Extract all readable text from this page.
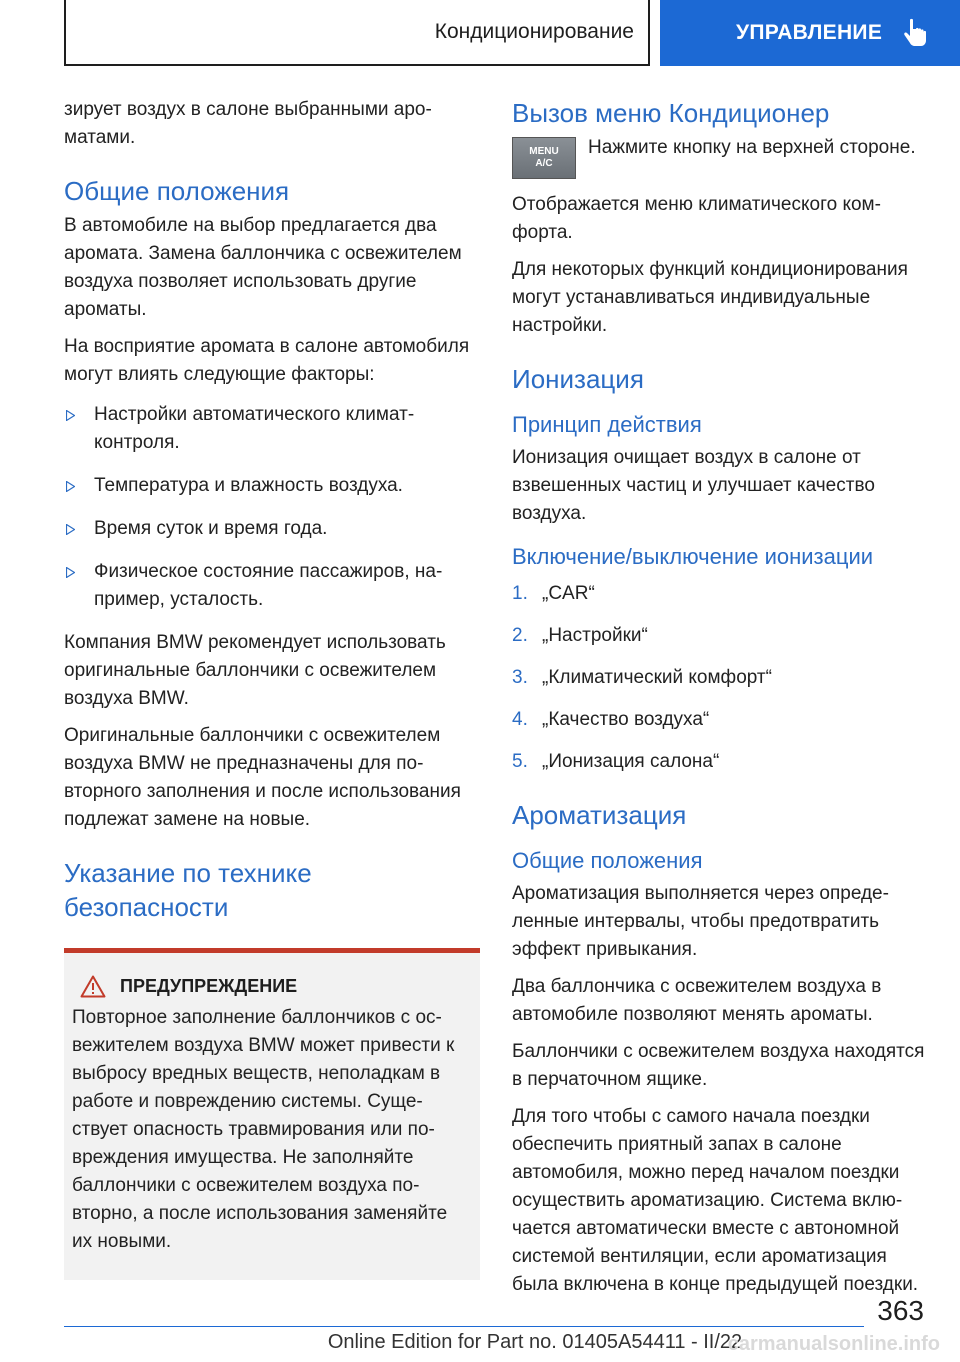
Кондиционирование	УПРАВЛЕНИЕ

зирует воздух в салоне выбранными ароматами.

Общие положения

В автомобиле на выбор предлагается два аромата. Замена баллончика с освежителем воздуха позволяет использовать другие ароматы.

На восприятие аромата в салоне автомобиля могут влиять следующие факторы:

Настройки автоматического климат-контроля.
Температура и влажность воздуха.
Время суток и время года.
Физическое состояние пассажиров, например, усталость.

Компания BMW рекомендует использовать оригинальные баллончики с освежителем воздуха BMW.

Оригинальные баллончики с освежителем воздуха BMW не предназначены для повторного заполнения и после использования подлежат замене на новые.

Указание по технике безопасности
ПРЕДУПРЕЖДЕНИЕ

Повторное заполнение баллончиков с освежителем воздуха BMW может привести к выбросу вредных веществ, неполадкам в работе и повреждению системы. Существует опасность травмирования или повреждения имущества. Не заполняйте баллончики с освежителем воздуха повторно, а после использования заменяйте их новыми.

Вызов меню Кондиционер
MENU
A/C

Нажмите кнопку на верхней стороне.

Отображается меню климатического комфорта.

Для некоторых функций кондиционирования могут устанавливаться индивидуальные настройки.

Ионизация
Принцип действия

Ионизация очищает воздух в салоне от взвешенных частиц и улучшает качество воздуха.

Включение/выключение ионизации
1. „CAR“
2. „Настройки“
3. „Климатический комфорт“
4. „Качество воздуха“
5. „Ионизация салона“
Ароматизация
Общие положения

Ароматизация выполняется через определенные интервалы, чтобы предотвратить эффект привыкания.

Два баллончика с освежителем воздуха в автомобиле позволяют менять ароматы.

Баллончики с освежителем воздуха находятся в перчаточном ящике.

Для того чтобы с самого начала поездки обеспечить приятный запах в салоне автомобиля, можно перед началом поездки осуществить ароматизацию. Система включается автоматически вместе с автономной системой вентиляции, если ароматизация была включена в конце предыдущей поездки.

363
Online Edition for Part no. 01405A54411 - II/22
carmanualsonline.info
